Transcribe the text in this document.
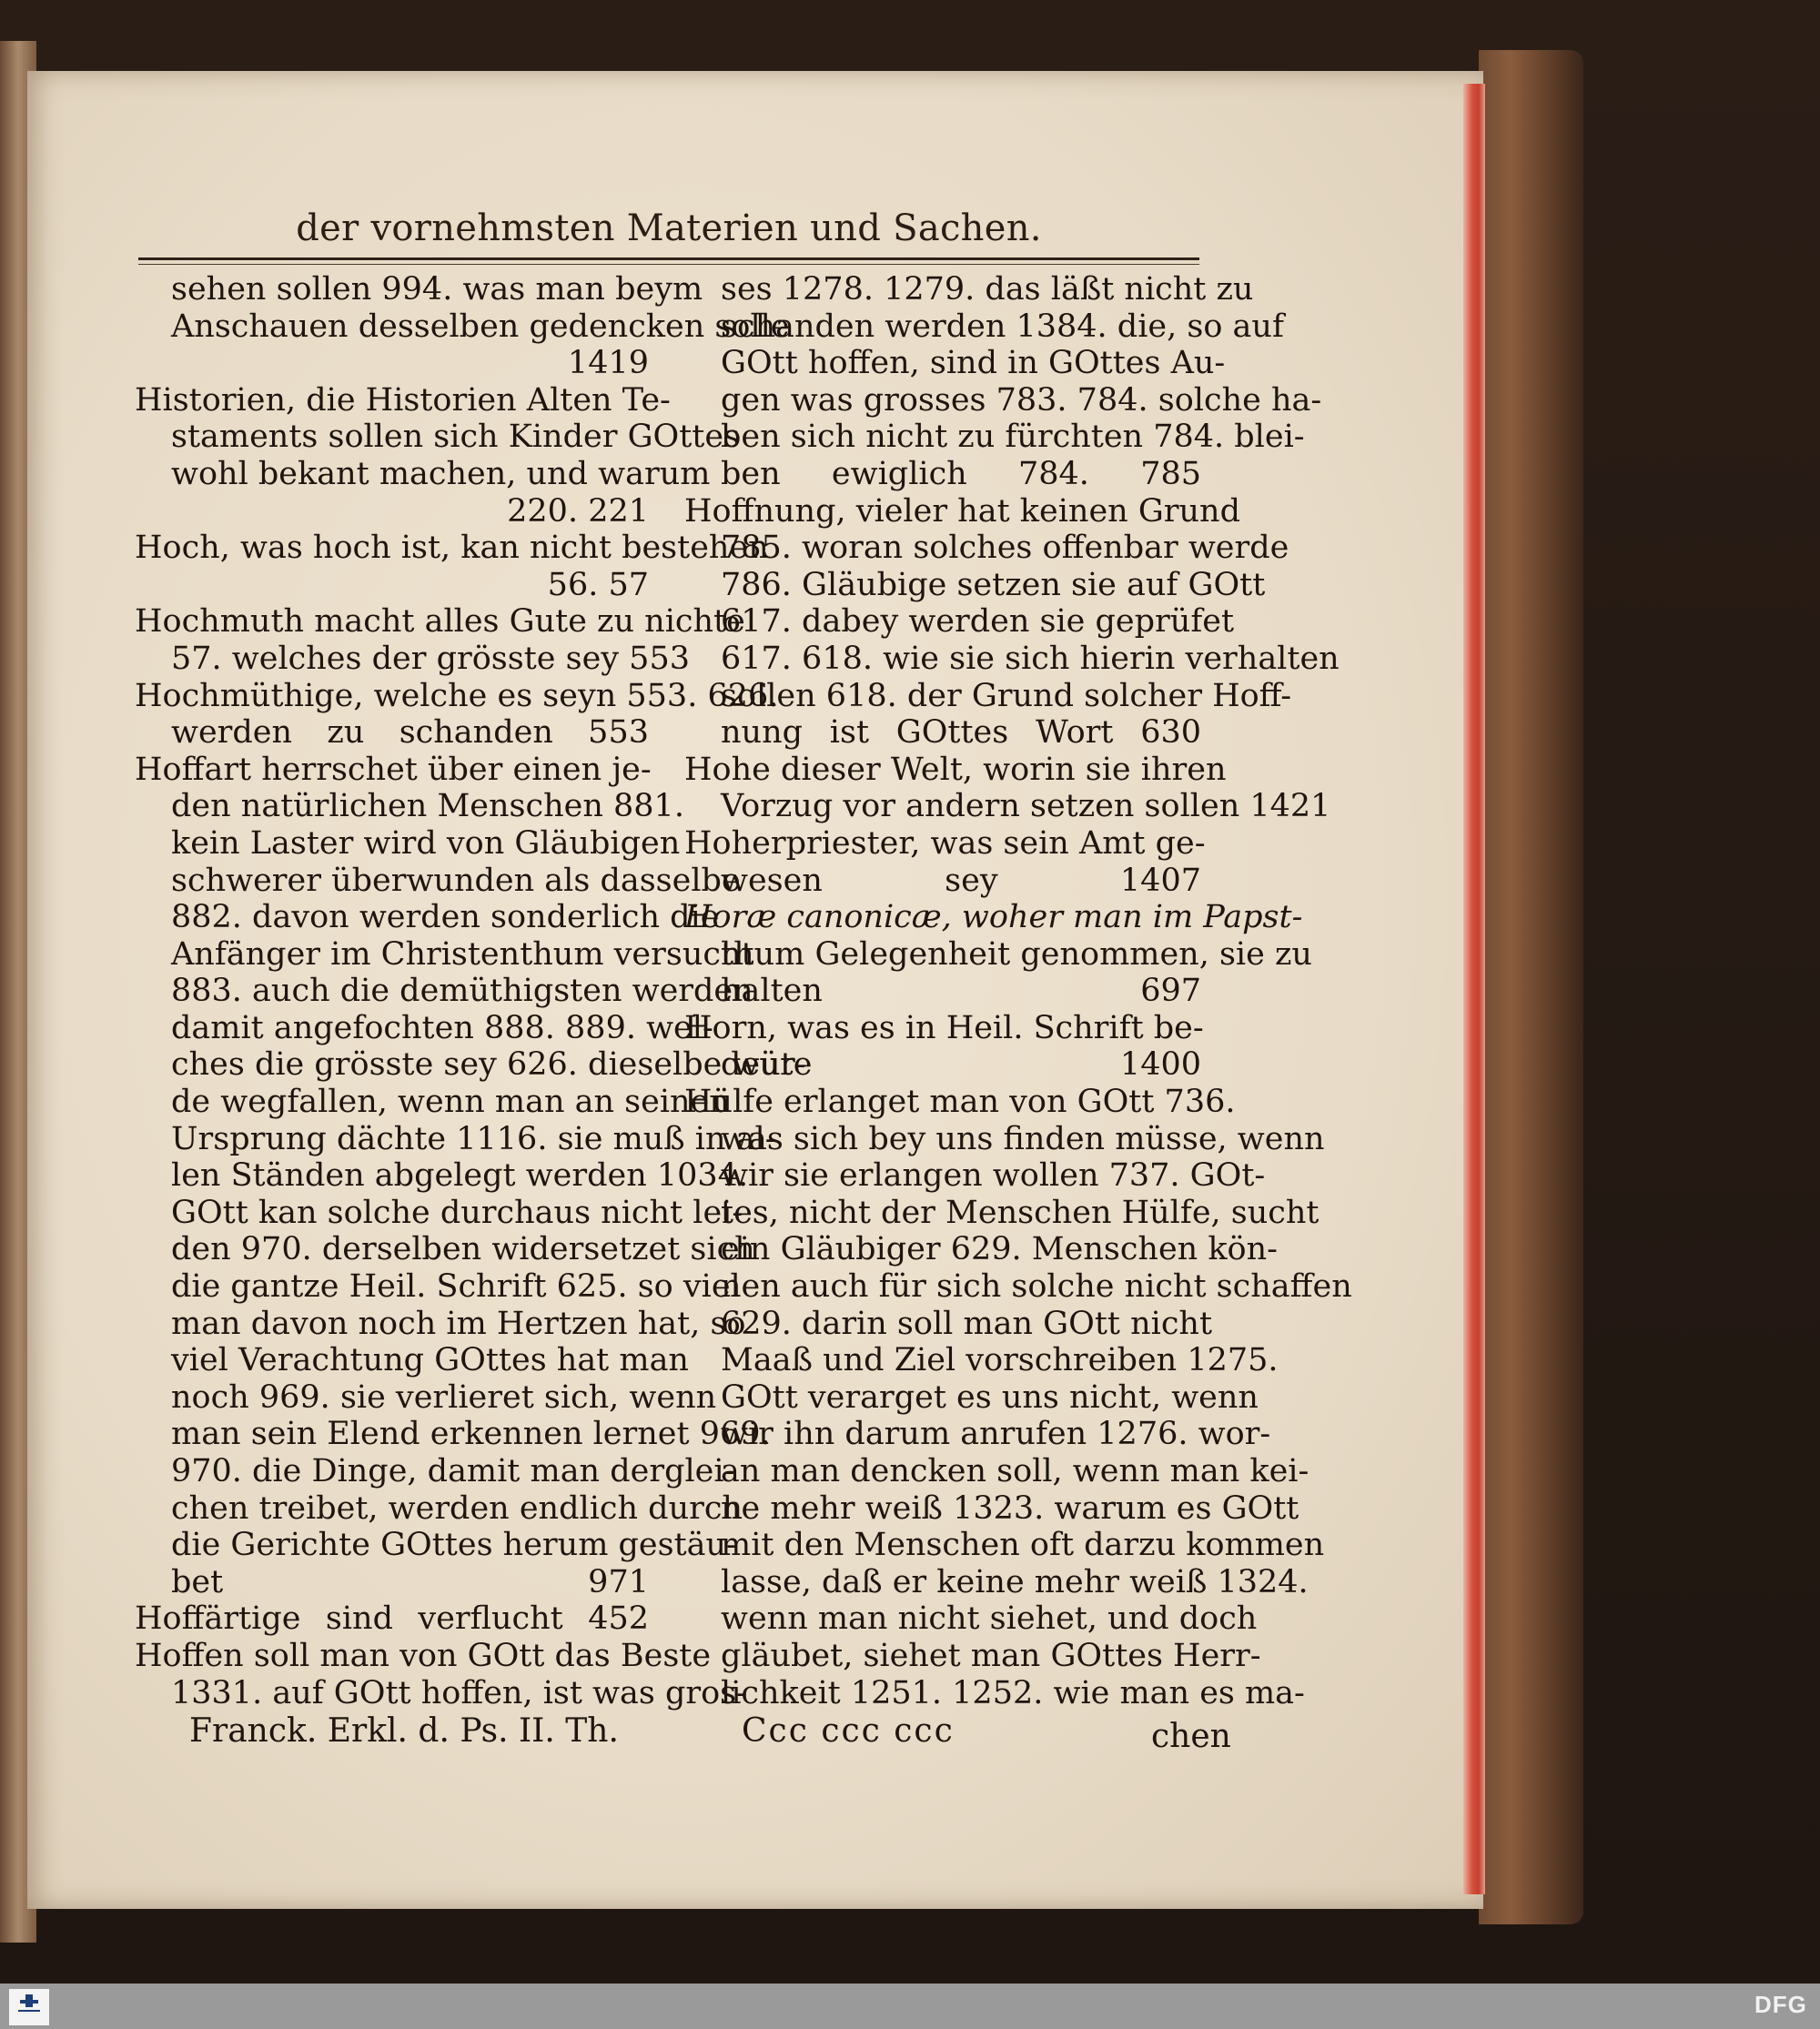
der vornehmsten Materien und Sachen.
sehen sollen 994. was man beym
Anschauen desselben gedencken solle
1419
Historien, die Historien Alten Te-
staments sollen sich Kinder GOttes
wohl bekant machen, und warum
220. 221
Hoch, was hoch ist, kan nicht bestehen
56. 57
Hochmuth macht alles Gute zu nichte
57. welches der grösste sey 553
Hochmüthige, welche es seyn 553. 626.
werden zu schanden 553
Hoffart herrschet über einen je-
den natürlichen Menschen 881.
kein Laster wird von Gläubigen
schwerer überwunden als dasselbe
882. davon werden sonderlich die
Anfänger im Christenthum versucht
883. auch die demüthigsten werden
damit angefochten 888. 889. wel-
ches die grösste sey 626. dieselbe wür-
de wegfallen, wenn man an seinen
Ursprung dächte 1116. sie muß in al-
len Ständen abgelegt werden 1034.
GOtt kan solche durchaus nicht lei-
den 970. derselben widersetzet sich
die gantze Heil. Schrift 625. so viel
man davon noch im Hertzen hat, so
viel Verachtung GOttes hat man
noch 969. sie verlieret sich, wenn
man sein Elend erkennen lernet 969.
970. die Dinge, damit man derglei-
chen treibet, werden endlich durch
die Gerichte GOttes herum gestäu-
bet 971
Hoffärtige sind verflucht 452
Hoffen soll man von GOtt das Beste
1331. auf GOtt hoffen, ist was gros-
ses 1278. 1279. das läßt nicht zu
schanden werden 1384. die, so auf
GOtt hoffen, sind in GOttes Au-
gen was grosses 783. 784. solche ha-
ben sich nicht zu fürchten 784. blei-
ben ewiglich 784. 785
Hoffnung, vieler hat keinen Grund
785. woran solches offenbar werde
786. Gläubige setzen sie auf GOtt
617. dabey werden sie geprüfet
617. 618. wie sie sich hierin verhalten
sollen 618. der Grund solcher Hoff-
nung ist GOttes Wort 630
Hohe dieser Welt, worin sie ihren
Vorzug vor andern setzen sollen 1421
Hoherpriester, was sein Amt ge-
wesen sey 1407
Horæ canonicæ, woher man im Papst-
thum Gelegenheit genommen, sie zu
halten 697
Horn, was es in Heil. Schrift be-
deute 1400
Hülfe erlanget man von GOtt 736.
was sich bey uns finden müsse, wenn
wir sie erlangen wollen 737. GOt-
tes, nicht der Menschen Hülfe, sucht
ein Gläubiger 629. Menschen kön-
nen auch für sich solche nicht schaffen
629. darin soll man GOtt nicht
Maaß und Ziel vorschreiben 1275.
GOtt verarget es uns nicht, wenn
wir ihn darum anrufen 1276. wor-
an man dencken soll, wenn man kei-
ne mehr weiß 1323. warum es GOtt
mit den Menschen oft darzu kommen
lasse, daß er keine mehr weiß 1324.
wenn man nicht siehet, und doch
gläubet, siehet man GOttes Herr-
lichkeit 1251. 1252. wie man es ma-
Franck. Erkl. d. Ps. II. Th.	Ccc ccc ccc	chen
DFG
